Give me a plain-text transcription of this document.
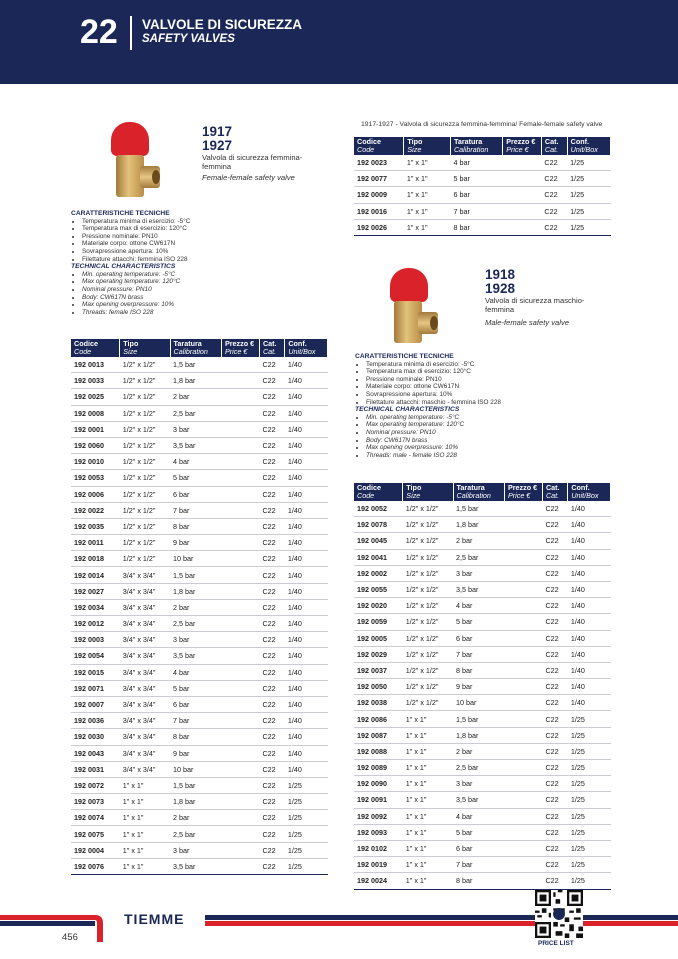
22 VALVOLE DI SICUREZZA
SAFETY VALVES
1917
1927
Valvola di sicurezza femmina-femmina
Female-female safety valve
CARATTERISTICHE TECNICHE
• Temperatura minima di esercizio: -5°C
• Temperatura max di esercizio: 120°C
• Pressione nominale: PN10
• Materiale corpo: ottone CW617N
• Sovrapressione apertura: 10%
• Filettature attacchi: femmina ISO 228
TECHNICAL CHARACTERISTICS
• Min. operating temperature: -5°C
• Max operating temperature: 120°C
• Nominal pressure: PN10
• Body: CW617N brass
• Max opening overpressure: 10%
• Threads: female ISO 228
1917-1927 - Valvola di sicurezza femmina-femmina/ Female-female safety valve
Codice
Code	Tipo
Size	Taratura
Calibration	Prezzo €
Price €	Cat.
Cat.	Conf.
Unit/Box

192 0023	1" x 1"	4 bar		C22	1/25
192 0077	1" x 1"	5 bar		C22	1/25
192 0009	1" x 1"	6 bar		C22	1/25
192 0016	1" x 1"	7 bar		C22	1/25
192 0026	1" x 1"	8 bar		C22	1/25
1918
1928
Valvola di sicurezza maschio-femmina
Male-female safety valve
CARATTERISTICHE TECNICHE
• Temperatura minima di esercizio: -5°C
• Temperatura max di esercizio: 120°C
• Pressione nominale: PN10
• Materiale corpo: ottone CW617N
• Sovrapressione apertura: 10%
• Filettature attacchi: maschio - femmina ISO 228
TECHNICAL CHARACTERISTICS
• Min. operating temperature: -5°C
• Max operating temperature: 120°C
• Nominal pressure: PN10
• Body: CW617N brass
• Max opening overpressure: 10%
• Threads: male - female ISO 228
Codice
Code	Tipo
Size	Taratura
Calibration	Prezzo €
Price €	Cat.
Cat.	Conf.
Unit/Box

192 0013	1/2" x 1/2"	1,5 bar		C22	1/40
192 0033	1/2" x 1/2"	1,8 bar		C22	1/40
192 0025	1/2" x 1/2"	2 bar		C22	1/40
192 0008	1/2" x 1/2"	2,5 bar		C22	1/40
192 0001	1/2" x 1/2"	3 bar		C22	1/40
192 0060	1/2" x 1/2"	3,5 bar		C22	1/40
192 0010	1/2" x 1/2"	4 bar		C22	1/40
192 0053	1/2" x 1/2"	5 bar		C22	1/40
192 0006	1/2" x 1/2"	6 bar		C22	1/40
192 0022	1/2" x 1/2"	7 bar		C22	1/40
192 0035	1/2" x 1/2"	8 bar		C22	1/40
192 0011	1/2" x 1/2"	9 bar		C22	1/40
192 0018	1/2" x 1/2"	10 bar		C22	1/40
192 0014	3/4" x 3/4"	1,5 bar		C22	1/40
192 0027	3/4" x 3/4"	1,8 bar		C22	1/40
192 0034	3/4" x 3/4"	2 bar		C22	1/40
192 0012	3/4" x 3/4"	2,5 bar		C22	1/40
192 0003	3/4" x 3/4"	3 bar		C22	1/40
192 0054	3/4" x 3/4"	3,5 bar		C22	1/40
192 0015	3/4" x 3/4"	4 bar		C22	1/40
192 0071	3/4" x 3/4"	5 bar		C22	1/40
192 0007	3/4" x 3/4"	6 bar		C22	1/40
192 0036	3/4" x 3/4"	7 bar		C22	1/40
192 0030	3/4" x 3/4"	8 bar		C22	1/40
192 0043	3/4" x 3/4"	9 bar		C22	1/40
192 0031	3/4" x 3/4"	10 bar		C22	1/40
192 0072	1" x 1"	1,5 bar		C22	1/25
192 0073	1" x 1"	1,8 bar		C22	1/25
192 0074	1" x 1"	2 bar		C22	1/25
192 0075	1" x 1"	2,5 bar		C22	1/25
192 0004	1" x 1"	3 bar		C22	1/25
192 0076	1" x 1"	3,5 bar		C22	1/25
Codice
Code	Tipo
Size	Taratura
Calibration	Prezzo €
Price €	Cat.
Cat.	Conf.
Unit/Box

192 0052	1/2" x 1/2"	1,5 bar		C22	1/40
192 0078	1/2" x 1/2"	1,8 bar		C22	1/40
192 0045	1/2" x 1/2"	2 bar		C22	1/40
192 0041	1/2" x 1/2"	2,5 bar		C22	1/40
192 0002	1/2" x 1/2"	3 bar		C22	1/40
192 0055	1/2" x 1/2"	3,5 bar		C22	1/40
192 0020	1/2" x 1/2"	4 bar		C22	1/40
192 0059	1/2" x 1/2"	5 bar		C22	1/40
192 0005	1/2" x 1/2"	6 bar		C22	1/40
192 0029	1/2" x 1/2"	7 bar		C22	1/40
192 0037	1/2" x 1/2"	8 bar		C22	1/40
192 0050	1/2" x 1/2"	9 bar		C22	1/40
192 0038	1/2" x 1/2"	10 bar		C22	1/40
192 0086	1" x 1"	1,5 bar		C22	1/25
192 0087	1" x 1"	1,8 bar		C22	1/25
192 0088	1" x 1"	2 bar		C22	1/25
192 0089	1" x 1"	2,5 bar		C22	1/25
192 0090	1" x 1"	3 bar		C22	1/25
192 0091	1" x 1"	3,5 bar		C22	1/25
192 0092	1" x 1"	4 bar		C22	1/25
192 0093	1" x 1"	5 bar		C22	1/25
192 0102	1" x 1"	6 bar		C22	1/25
192 0019	1" x 1"	7 bar		C22	1/25
192 0024	1" x 1"	8 bar		C22	1/25
TIEMME
456
PRICE LIST
